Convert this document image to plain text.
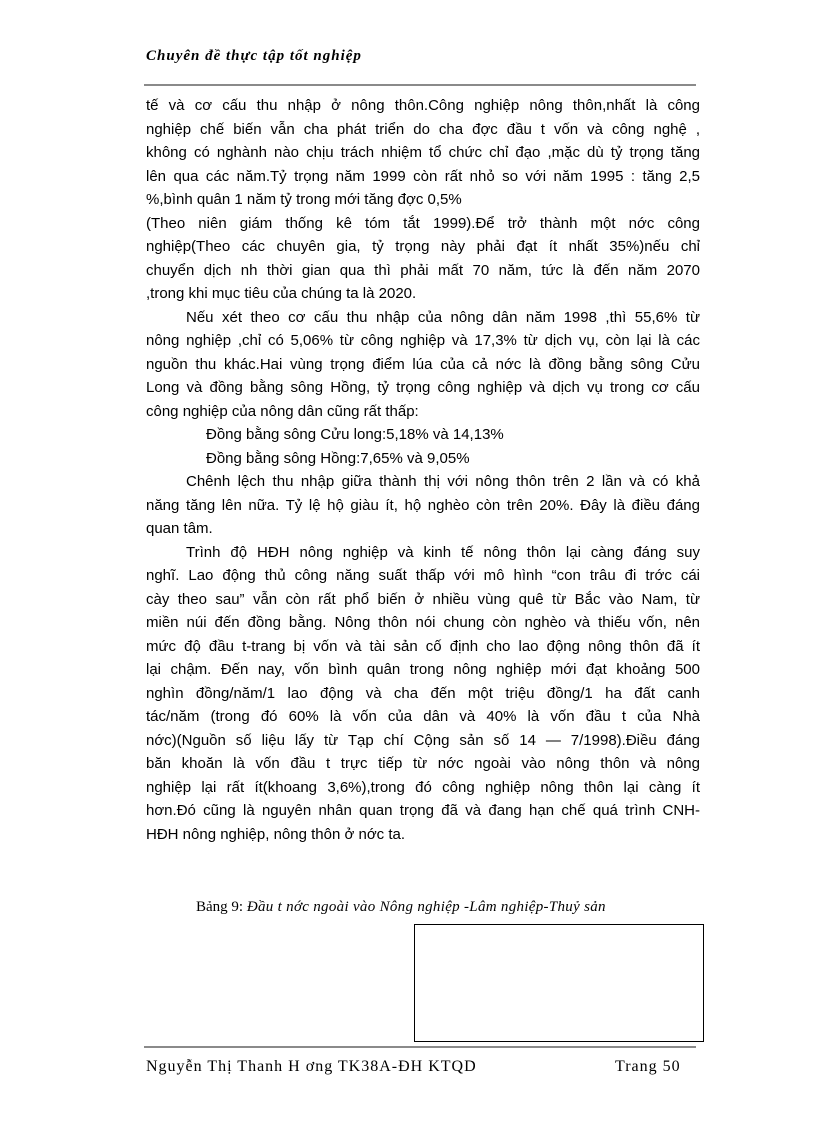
Chuyên đề thực tập tốt nghiệp
tế và cơ cấu thu nhập ở nông thôn.Công nghiệp nông thôn,nhất là công
nghiệp chế biến vẫn cha phát triển do cha đợc đầu t vốn và công nghệ ,
không có nghành nào chịu trách nhiệm tổ chức chỉ đạo ,mặc dù tỷ trọng tăng
lên qua các năm.Tỷ trọng năm 1999 còn rất nhỏ so với năm 1995 : tăng 2,5
%,bình quân 1 năm tỷ trong mới tăng đợc 0,5%
(Theo niên giám thống kê tóm tắt 1999).Để trở thành một nớc công
nghiệp(Theo các chuyên gia, tỷ trọng này phải đạt ít nhất 35%)nếu chỉ
chuyển dịch nh thời gian qua thì phải mất 70 năm, tức là đến năm 2070
,trong khi mục tiêu của chúng ta là 2020.
Nếu xét theo cơ cấu thu nhập của nông dân năm 1998 ,thì 55,6% từ
nông nghiệp ,chỉ có 5,06% từ công nghiệp và 17,3% từ dịch vụ, còn lại là các
nguồn thu khác.Hai vùng trọng điểm lúa của cả nớc là đồng bằng sông Cửu
Long và đồng bằng sông Hồng, tỷ trọng công nghiệp và dịch vụ trong cơ cấu
công nghiệp của nông dân cũng rất thấp:
Đồng bằng sông Cửu long:5,18% và 14,13%
Đồng bằng sông Hồng:7,65% và 9,05%
Chênh lệch thu nhập giữa thành thị với nông thôn trên 2 lần và có khả
năng tăng lên nữa. Tỷ lệ hộ giàu ít, hộ nghèo còn trên 20%. Đây là điều đáng
quan tâm.
Trình độ HĐH nông nghiệp và kinh tế nông thôn lại càng đáng suy
nghĩ. Lao động thủ công năng suất thấp với mô hình “con trâu đi trớc cái
cày theo sau” vẫn còn rất phổ biến ở nhiều vùng quê từ Bắc vào Nam, từ
miền núi đến đồng bằng. Nông thôn nói chung còn nghèo và thiếu vốn, nên
mức độ đầu t-trang bị vốn và tài sản cố định cho lao động nông thôn đã ít
lại chậm. Đến nay, vốn bình quân trong nông nghiệp mới đạt khoảng 500
nghìn đồng/năm/1 lao động và cha đến một triệu đồng/1 ha đất canh
tác/năm (trong đó 60% là vốn của dân và 40% là vốn đầu t của Nhà
nớc)(Nguồn số liệu lấy từ Tạp chí Cộng sản số 14 — 7/1998).Điều đáng
băn khoăn là vốn đầu t trực tiếp từ nớc ngoài vào nông thôn và nông
nghiệp lại rất ít(khoang 3,6%),trong đó công nghiệp nông thôn lại càng ít
hơn.Đó cũng là nguyên nhân quan trọng đã và đang hạn chế quá trình CNH-
HĐH nông nghiệp, nông thôn ở nớc ta.
Bảng 9: Đầu t nớc ngoài vào Nông nghiệp -Lâm nghiệp-Thuỷ sản
Nguyễn Thị Thanh H ơng TK38A-ĐH KTQD	Trang 50
